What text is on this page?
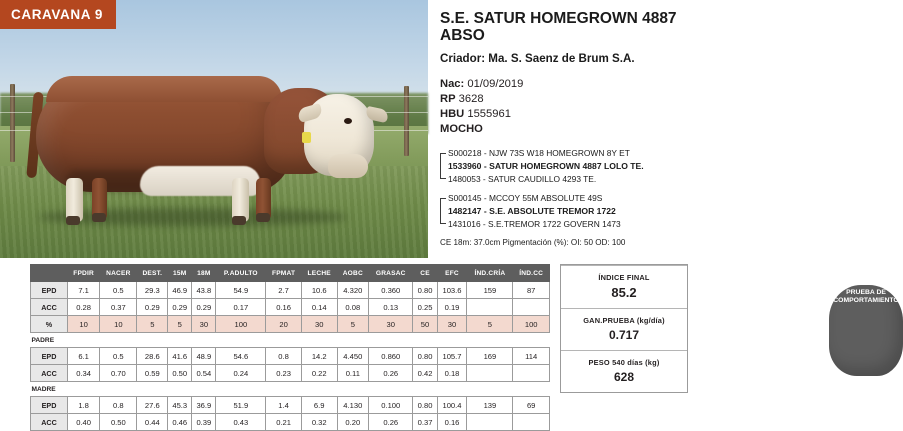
CARAVANA 9	S.E. SATUR HOMEGROWN 4887 ABSO
Criador: Ma. S. Saenz de Brum S.A.
Nac: 01/09/2019
RP 3628
HBU 1555961
MOCHO
S000218 - NJW 73S W18 HOMEGROWN 8Y ET
1533960 - SATUR HOMEGROWN 4887 LOLO TE.
1480053 - SATUR CAUDILLO 4293 TE.
S000145 - MCCOY 55M ABSOLUTE 49S
1482147 - S.E. ABSOLUTE TREMOR 1722
1431016 - S.E.TREMOR 1722 GOVERN 1473
CE 18m: 37.0cm Pigmentación (%): OI: 50 OD: 100
	FPDIR	NACER	DEST.	15M	18M	P.ADULTO	FPMAT	LECHE	AOBC	GRASAC	CE	EFC	ÍND.CRÍA	ÍND.CC
EPD	7.1	0.5	29.3	46.9	43.8	54.9	2.7	10.6	4.320	0.360	0.80	103.6	159	87
ACC	0.28	0.37	0.29	0.29	0.29	0.17	0.16	0.14	0.08	0.13	0.25	0.19		
%	10	10	5	5	30	100	20	30	5	30	50	30	5	100
PADRE														
EPD	6.1	0.5	28.6	41.6	48.9	54.6	0.8	14.2	4.450	0.860	0.80	105.7	169	114
ACC	0.34	0.70	0.59	0.50	0.54	0.24	0.23	0.22	0.11	0.26	0.42	0.18		
MADRE														
EPD	1.8	0.8	27.6	45.3	36.9	51.9	1.4	6.9	4.130	0.100	0.80	100.4	139	69
ACC	0.40	0.50	0.44	0.46	0.39	0.43	0.21	0.32	0.20	0.26	0.37	0.16		
PRUEBA DE COMPORTAMIENTO
ÍNDICE FINAL
85.2
GAN.PRUEBA (kg/día)
0.717
PESO 540 días (kg)
628
